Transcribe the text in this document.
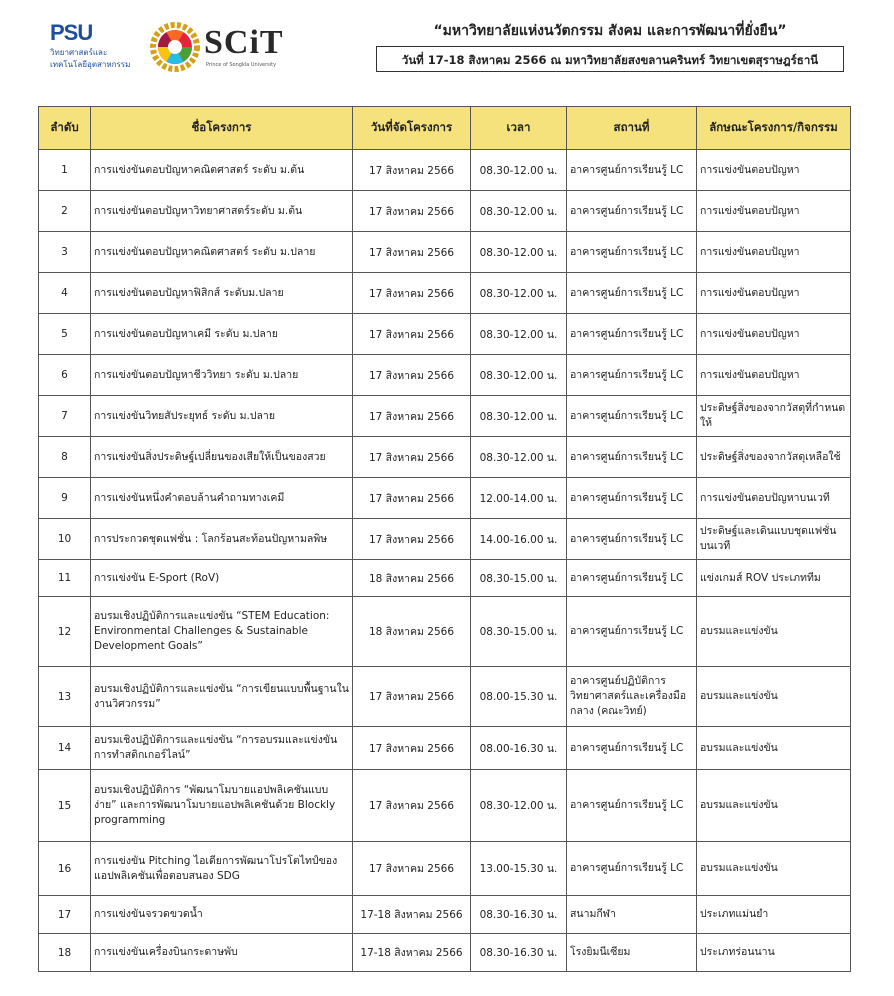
PSU
วิทยาศาสตร์และ
เทคโนโลยีอุตสาหกรรม
SCiT
Prince of Songkla University
“มหาวิทยาลัยแห่งนวัตกรรม สังคม และการพัฒนาที่ยั่งยืน”
วันที่ 17-18 สิงหาคม 2566 ณ มหาวิทยาลัยสงขลานครินทร์ วิทยาเขตสุราษฎร์ธานี
ลำดับ	ชื่อโครงการ	วันที่จัดโครงการ	เวลา	สถานที่	ลักษณะโครงการ/กิจกรรม
1	การแข่งขันตอบปัญหาคณิตศาสตร์ ระดับ ม.ต้น	17 สิงหาคม 2566	08.30-12.00 น.	อาคารศูนย์การเรียนรู้ LC	การแข่งขันตอบปัญหา
2	การแข่งขันตอบปัญหาวิทยาศาสตร์ระดับ ม.ต้น	17 สิงหาคม 2566	08.30-12.00 น.	อาคารศูนย์การเรียนรู้ LC	การแข่งขันตอบปัญหา
3	การแข่งขันตอบปัญหาคณิตศาสตร์ ระดับ ม.ปลาย	17 สิงหาคม 2566	08.30-12.00 น.	อาคารศูนย์การเรียนรู้ LC	การแข่งขันตอบปัญหา
4	การแข่งขันตอบปัญหาฟิสิกส์ ระดับม.ปลาย	17 สิงหาคม 2566	08.30-12.00 น.	อาคารศูนย์การเรียนรู้ LC	การแข่งขันตอบปัญหา
5	การแข่งขันตอบปัญหาเคมี ระดับ ม.ปลาย	17 สิงหาคม 2566	08.30-12.00 น.	อาคารศูนย์การเรียนรู้ LC	การแข่งขันตอบปัญหา
6	การแข่งขันตอบปัญหาชีววิทยา ระดับ ม.ปลาย	17 สิงหาคม 2566	08.30-12.00 น.	อาคารศูนย์การเรียนรู้ LC	การแข่งขันตอบปัญหา
7	การแข่งขันวิทยสัประยุทธ์ ระดับ ม.ปลาย	17 สิงหาคม 2566	08.30-12.00 น.	อาคารศูนย์การเรียนรู้ LC	ประดิษฐ์สิ่งของจากวัสดุที่กำหนดให้
8	การแข่งขันสิ่งประดิษฐ์เปลี่ยนของเสียให้เป็นของสวย	17 สิงหาคม 2566	08.30-12.00 น.	อาคารศูนย์การเรียนรู้ LC	ประดิษฐ์สิ่งของจากวัสดุเหลือใช้
9	การแข่งขันหนึ่งคำตอบล้านคำถามทางเคมี	17 สิงหาคม 2566	12.00-14.00 น.	อาคารศูนย์การเรียนรู้ LC	การแข่งขันตอบปัญหาบนเวที
10	การประกวดชุดแฟชั่น : โลกร้อนสะท้อนปัญหามลพิษ	17 สิงหาคม 2566	14.00-16.00 น.	อาคารศูนย์การเรียนรู้ LC	ประดิษฐ์และเดินแบบชุดแฟชั่นบนเวที
11	การแข่งขัน E-Sport (RoV)	18 สิงหาคม 2566	08.30-15.00 น.	อาคารศูนย์การเรียนรู้ LC	แข่งเกมส์ ROV ประเภททีม
12	อบรมเชิงปฏิบัติการและแข่งขัน “STEM Education: Environmental Challenges & Sustainable Development Goals”	18 สิงหาคม 2566	08.30-15.00 น.	อาคารศูนย์การเรียนรู้ LC	อบรมและแข่งขัน
13	อบรมเชิงปฏิบัติการและแข่งขัน “การเขียนแบบพื้นฐานในงานวิศวกรรม”	17 สิงหาคม 2566	08.00-15.30 น.	อาคารศูนย์ปฏิบัติการวิทยาศาสตร์และเครื่องมือกลาง (คณะวิทย์)	อบรมและแข่งขัน
14	อบรมเชิงปฏิบัติการและแข่งขัน “การอบรมและแข่งขันการทำสติกเกอร์ไลน์”	17 สิงหาคม 2566	08.00-16.30 น.	อาคารศูนย์การเรียนรู้ LC	อบรมและแข่งขัน
15	อบรมเชิงปฏิบัติการ “พัฒนาโมบายแอปพลิเคชันแบบง่าย” และการพัฒนาโมบายแอปพลิเคชันด้วย Blockly programming	17 สิงหาคม 2566	08.30-12.00 น.	อาคารศูนย์การเรียนรู้ LC	อบรมและแข่งขัน
16	การแข่งขัน Pitching ไอเดียการพัฒนาโปรโตไทป์ของแอปพลิเคชันเพื่อตอบสนอง SDG	17 สิงหาคม 2566	13.00-15.30 น.	อาคารศูนย์การเรียนรู้ LC	อบรมและแข่งขัน
17	การแข่งขันจรวดขวดน้ำ	17-18 สิงหาคม 2566	08.30-16.30 น.	สนามกีฬา	ประเภทแม่นยำ
18	การแข่งขันเครื่องบินกระดาษพับ	17-18 สิงหาคม 2566	08.30-16.30 น.	โรงยิมนีเซียม	ประเภทร่อนนาน
